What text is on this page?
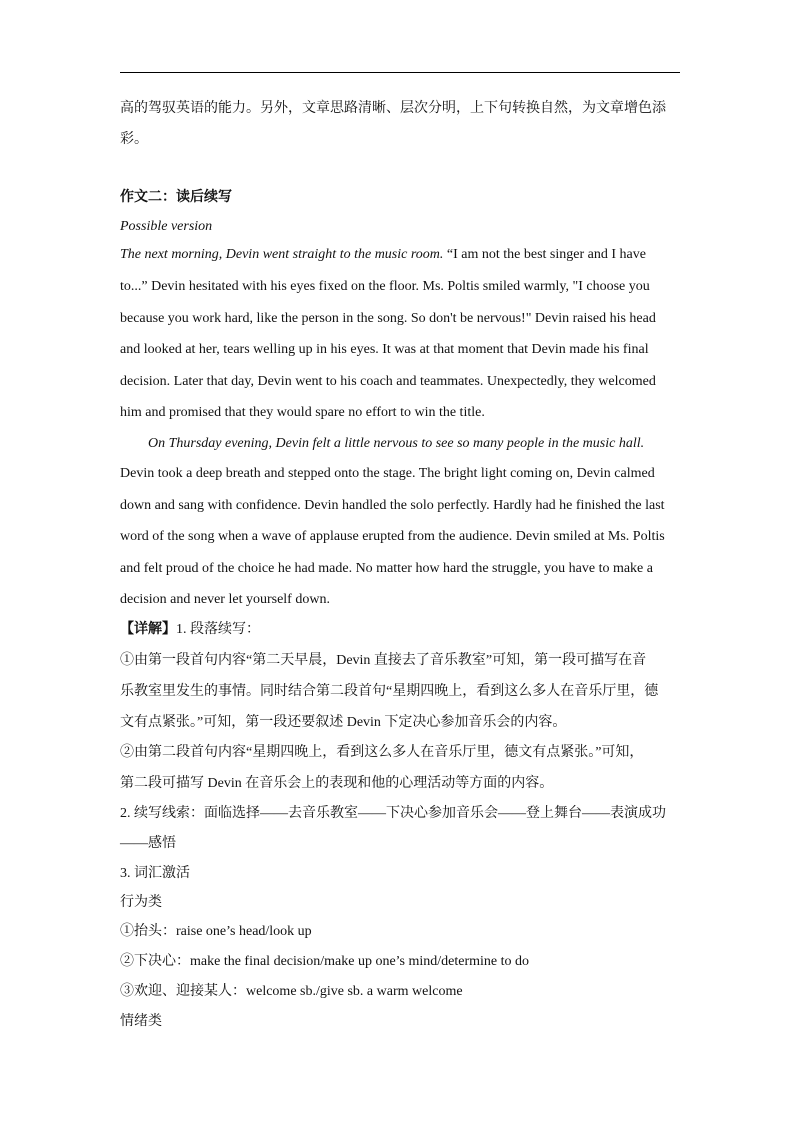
高的驾驭英语的能力。另外，文章思路清晰、层次分明，上下句转换自然，为文章增色添
彩。
作文二：读后续写
Possible version
The next morning, Devin went straight to the music room. “I am not the best singer and I have
to...” Devin hesitated with his eyes fixed on the floor. Ms. Poltis smiled warmly, "I choose you
because you work hard, like the person in the song. So don't be nervous!" Devin raised his head
and looked at her, tears welling up in his eyes. It was at that moment that Devin made his final
decision. Later that day, Devin went to his coach and teammates. Unexpectedly, they welcomed
him and promised that they would spare no effort to win the title.
On Thursday evening, Devin felt a little nervous to see so many people in the music hall.
Devin took a deep breath and stepped onto the stage. The bright light coming on, Devin calmed
down and sang with confidence. Devin handled the solo perfectly. Hardly had he finished the last
word of the song when a wave of applause erupted from the audience. Devin smiled at Ms. Poltis
and felt proud of the choice he had made. No matter how hard the struggle, you have to make a
decision and never let yourself down.
【详解】1. 段落续写：
①由第一段首句内容“第二天早晨，Devin 直接去了音乐教室”可知，第一段可描写在音
乐教室里发生的事情。同时结合第二段首句“星期四晚上，看到这么多人在音乐厅里，德
文有点紧张。”可知，第一段还要叙述 Devin 下定决心参加音乐会的内容。
②由第二段首句内容“星期四晚上，看到这么多人在音乐厅里，德文有点紧张。”可知，
第二段可描写 Devin 在音乐会上的表现和他的心理活动等方面的内容。
2. 续写线索：面临选择——去音乐教室——下决心参加音乐会——登上舞台——表演成功
——感悟
3. 词汇激活
行为类
①抬头：raise one’s head/look up
②下决心：make the final decision/make up one’s mind/determine to do
③欢迎、迎接某人：welcome sb./give sb. a warm welcome
情绪类
